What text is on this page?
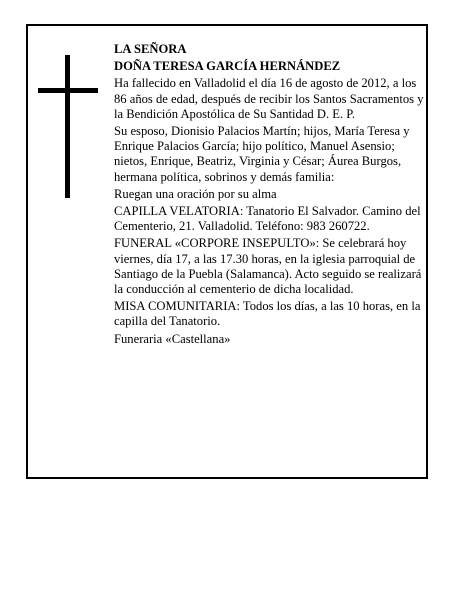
LA SEÑORA

DOÑA TERESA GARCÍA HERNÁNDEZ

Ha fallecido en Valladolid el día 16 de agosto de 2012, a los 86 años de edad, después de recibir los Santos Sacramentos y la Bendición Apostólica de Su Santidad D. E. P.

Su esposo, Dionisio Palacios Martín; hijos, María Teresa y Enrique Palacios García; hijo político, Manuel Asensio; nietos, Enrique, Beatriz, Virginia y César; Áurea Burgos, hermana política, sobrinos y demás familia:

Ruegan una oración por su alma

CAPILLA VELATORIA: Tanatorio El Salvador. Camino del Cementerio, 21. Valladolid. Teléfono: 983 260722.

FUNERAL «CORPORE INSEPULTO»: Se celebrará hoy viernes, día 17, a las 17.30 horas, en la iglesia parroquial de Santiago de la Puebla (Salamanca). Acto seguido se realizará la conducción al cementerio de dicha localidad.

MISA COMUNITARIA: Todos los días, a las 10 horas, en la capilla del Tanatorio.

Funeraria «Castellana»
